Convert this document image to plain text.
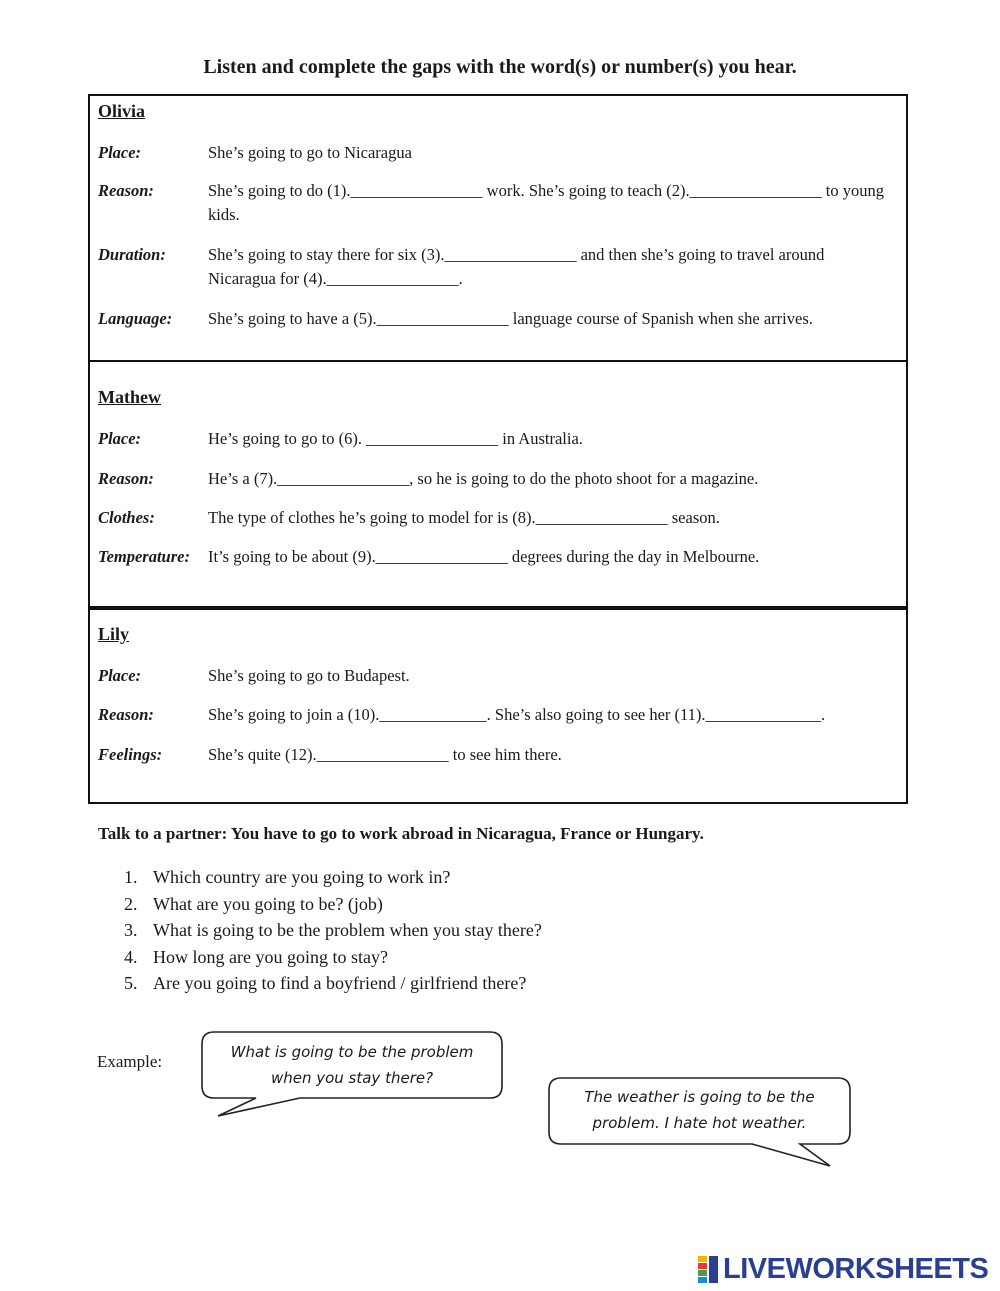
Listen and complete the gaps with the word(s) or number(s) you hear.
Olivia
Place:	She’s going to go to Nicaragua
Reason:	She’s going to do (1).________________ work. She’s going to teach (2).________________ to young kids.
Duration:	She’s going to stay there for six (3).________________ and then she’s going to travel around Nicaragua for (4).________________.
Language: She’s going to have a (5).________________ language course of Spanish when she arrives.
Mathew
Place:	He’s going to go to (6). ________________ in Australia.
Reason:	He’s a (7).________________, so he is going to do the photo shoot for a magazine.
Clothes:	The type of clothes he’s going to model for is (8).________________ season.
Temperature: It’s going to be about (9).________________ degrees during the day in Melbourne.
Lily
Place:	She’s going to go to Budapest.
Reason:	She’s going to join a (10)._____________. She’s also going to see her (11).______________.
Feelings:	She’s quite (12).________________ to see him there.
Talk to a partner: You have to go to work abroad in Nicaragua, France or Hungary.
1. Which country are you going to work in?
2. What are you going to be? (job)
3. What is going to be the problem when you stay there?
4. How long are you going to stay?
5. Are you going to find a boyfriend / girlfriend there?
Example:	What is going to be the problem
when you stay there?
The weather is going to be the
problem. I hate hot weather.
LIVEWORKSHEETS
